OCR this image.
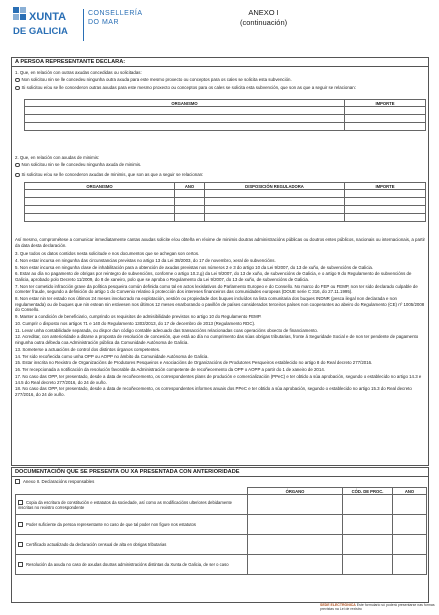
XUNTA
DE GALICIA
CONSELLERÍA
DO MAR
ANEXO I
(continuación)
A PERSOA REPRESENTANTE DECLARA:
1. Que, en relación con outras axudas concedidas ou solicitadas:
Non solicitou nin se lle concedeu ningunha outra axuda para este mesmo proxecto ou conceptos para os cales se solicita esta subvención.
Si solicitou e/ou se lle concederon outras axudas para este mesmo proxecto ou conceptos para os cales se solicita esta subvención, que son as que a seguir se relacionan:
ORGANISMO	IMPORTE

2. Que, en relación con axudas de minimis:
Non solicitou nin se lle concedeu ningunha axuda de minimis.
Si solicitou e/ou se lle concederon axudas de minimis, que son as que a seguir se relacionan:
ORGANISMO	ANO	DISPOSICIÓN REGULADORA	IMPORTE

Así mesmo, comprométese a comunicar inmediatamente cantas axudas solicite e/ou obteña en réxime de minimis doutras administracións públicas ou doutros entes públicos, nacionais ou internacionais, a partir da data desta declaración.

3. Que todos os datos contidos nesta solicitude e nos documentos que se achegan son certos.

4. Non estar incursa en ningunha das circunstancias previstas no artigo 13 da Lei 38/2003, do 17 de novembro, xeral de subvencións.

5. Non estar incursa en ningunha clase de inhabilitación para a obtención de axudas previstas nos números 2 e 3 do artigo 10 da Lei 9/2007, do 13 de xuño, de subvencións de Galicia.

6. Estar ao día no pagamento de obrigas por reintegro de subvencións, conforme o artigo 10.2.g) da Lei 9/2007, do 13 de xuño, de subvencións de Galicia, e o artigo 9 do Regulamento de subvencións de Galicia, aprobado polo Decreto 11/2009, do 8 de xaneiro, polo que se aproba o Regulamento da Lei 9/2007, do 13 de xuño, de subvencións de Galicia.

7. Non ter cometido infracción grave da política pesqueira común definida como tal en actos lexislativos do Parlamento Europeo e do Consello. No marco do FEP ou FEMP, non ter sido declarado culpable de cometer fraude, segundo a definición do artigo 1 do Convenio relativo á protección dos intereses financeiros das comunidades europeas (DOUE serie C 316, do 27.11.1995).

8. Non estar nin ter estado nos últimos 24 meses involucrado na explotación, xestión ou propiedade dos buques incluídos na lista comunitaria dos buques INDNR (pesca ilegal non declarada e non regulamentada) ou de buques que nin estean nin estivesen nos últimos 12 meses enarborando o pavillón de países considerados terceiros países non cooperantes ao abeiro do Regulamento (CE) nº 1005/2008 do Consello.

9. Manter a condición de beneficiario, cumprindo os requisitos de admisibilidade previstos no artigo 10 do Regulamento FEMP.

10. Cumprir o disposto nos artigos 71 e 140 do Regulamento 1303/2013, do 17 de decembro de 2013 (Regulamento RDC).

11. Levar unha contabilidade separada, ou dispor dun código contable adecuado das transaccións relacionadas coas operacións obxecto de financiamento.

12. Acreditar, con anterioridade a ditarse a proposta de resolución de concesión, que está ao día no cumprimento das súas obrigas tributarias, fronte á Seguridade Social e de non ter pendente de pagamento ningunha outra débeda coa Administración pública da Comunidade Autónoma de Galicia.

13. Someterse a actuacións de control dos distintos órganos competentes.

14. Ter sido recoñecida como unha OPP ou AOPP no ámbito da Comunidade Autónoma de Galicia.

15. Estar inscrita no Rexistro de Organizacións de Produtores Pesqueiros e Asociacións de Organizacións de Produtores Pesqueiros establecido no artigo 8 do Real decreto 277/2016.

16. Ter recepcionada a notificación da resolución favorable da Administración competente de recoñecemento da OPP o AOPP a partir do 1 de xaneiro de 2014.

17. No caso das OPP, ter presentado, desde a data de recoñecemento, os correspondentes plans de produción e comercialización (PPeC) e ter obtido a súa aprobación, segundo o establecido no artigo 14.3 e 14.5 do Real decreto 277/2016, do 24 de xuño.

18. No caso das OPP, ter presentado, desde a data de recoñecemento, os correspondentes informes anuais dos PPeC e ter obtido a súa aprobación, segundo o establecido no artigo 15.3 do Real decreto 277/2016, do 24 de xuño.

DOCUMENTACIÓN QUE SE PRESENTA OU XA PRESENTADA CON ANTERIORIDADE
Anexo II. Declaracións responsables
	ÓRGANO	CÓD. DE PROC.	ANO
Copia da escritura de constitución e estatutos da sociedade, así como as modificacións ulteriores debidamente inscritas no rexistro correspondente			
Poder suficiente da persoa representante no caso de que tal poder non figure nos estatutos			
Certificado actualizado da declaración censual de alta en obrigas tributarias			
Resolución da axuda no caso de axudas doutras administracións distintas da Xunta de Galicia, de ser o caso			
SEDE ELECTRÓNICA Este formulario só poderá presentarse nas formas previstas na Lei de rexistro
